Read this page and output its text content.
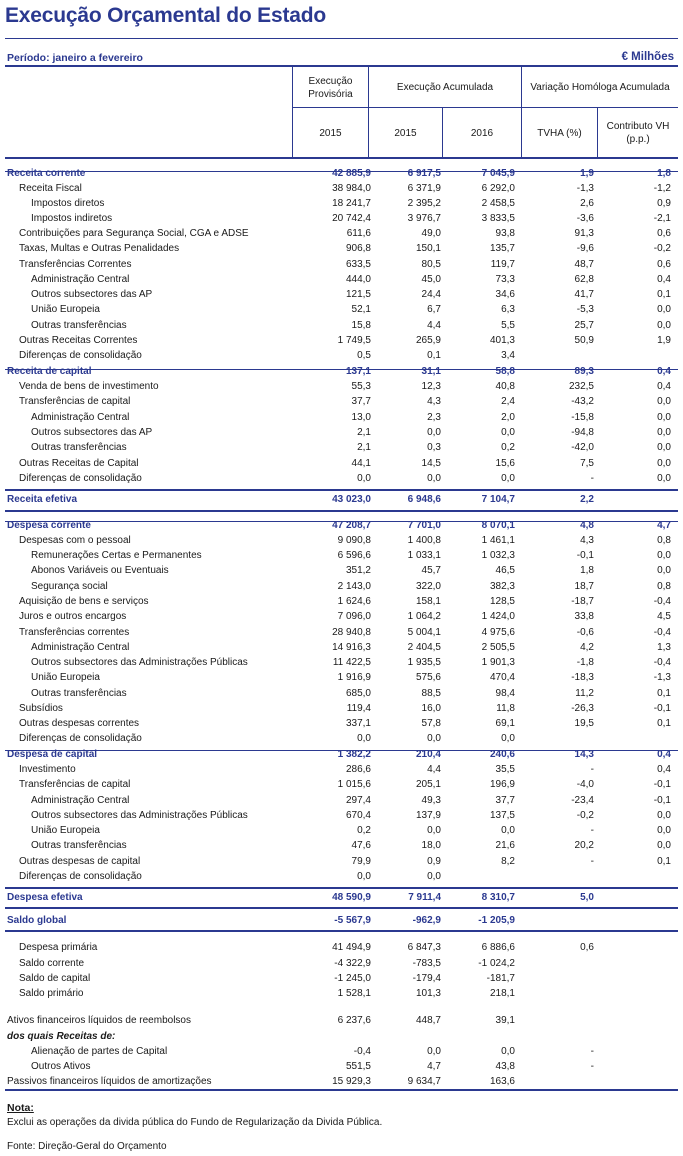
Execução Orçamental do Estado
Período: janeiro a fevereiro	€ Milhões
Execução
Provisória
Execução Acumulada	Variação Homóloga Acumulada
2015	2015	2016	TVHA (%)
Contributo VH
(p.p.)
Receita corrente	42 885,9	6 917,5	7 045,9	1,9	1,8
Receita Fiscal	38 984,0	6 371,9	6 292,0	-1,3	-1,2
Impostos diretos	18 241,7	2 395,2	2 458,5	2,6	0,9
Impostos indiretos	20 742,4	3 976,7	3 833,5	-3,6	-2,1
Contribuições para Segurança Social, CGA e ADSE	611,6	49,0	93,8	91,3	0,6
Taxas, Multas e Outras Penalidades	906,8	150,1	135,7	-9,6	-0,2
Transferências Correntes	633,5	80,5	119,7	48,7	0,6
Administração Central	444,0	45,0	73,3	62,8	0,4
Outros subsectores das AP	121,5	24,4	34,6	41,7	0,1
União Europeia	52,1	6,7	6,3	-5,3	0,0
Outras transferências	15,8	4,4	5,5	25,7	0,0
Outras Receitas Correntes	1 749,5	265,9	401,3	50,9	1,9
Diferenças de consolidação	0,5	0,1	3,4
Receita de capital	137,1	31,1	58,8	89,3	0,4
Venda de bens de investimento	55,3	12,3	40,8	232,5	0,4
Transferências de capital	37,7	4,3	2,4	-43,2	0,0
Administração Central	13,0	2,3	2,0	-15,8	0,0
Outros subsectores das AP	2,1	0,0	0,0	-94,8	0,0
Outras transferências	2,1	0,3	0,2	-42,0	0,0
Outras Receitas de Capital	44,1	14,5	15,6	7,5	0,0
Diferenças de consolidação	0,0	0,0	0,0	-	0,0
Receita efetiva	43 023,0	6 948,6	7 104,7	2,2
Despesa corrente	47 208,7	7 701,0	8 070,1	4,8	4,7
Despesas com o pessoal	9 090,8	1 400,8	1 461,1	4,3	0,8
Remunerações Certas e Permanentes	6 596,6	1 033,1	1 032,3	-0,1	0,0
Abonos Variáveis ou Eventuais	351,2	45,7	46,5	1,8	0,0
Segurança social	2 143,0	322,0	382,3	18,7	0,8
Aquisição de bens e serviços	1 624,6	158,1	128,5	-18,7	-0,4
Juros e outros encargos	7 096,0	1 064,2	1 424,0	33,8	4,5
Transferências correntes	28 940,8	5 004,1	4 975,6	-0,6	-0,4
Administração Central	14 916,3	2 404,5	2 505,5	4,2	1,3
Outros subsectores das Administrações Públicas	11 422,5	1 935,5	1 901,3	-1,8	-0,4
União Europeia	1 916,9	575,6	470,4	-18,3	-1,3
Outras transferências	685,0	88,5	98,4	11,2	0,1
Subsídios	119,4	16,0	11,8	-26,3	-0,1
Outras despesas correntes	337,1	57,8	69,1	19,5	0,1
Diferenças de consolidação	0,0	0,0	0,0
Despesa de capital	1 382,2	210,4	240,6	14,3	0,4
Investimento	286,6	4,4	35,5	-	0,4
Transferências de capital	1 015,6	205,1	196,9	-4,0	-0,1
Administração Central	297,4	49,3	37,7	-23,4	-0,1
Outros subsectores das Administrações Públicas	670,4	137,9	137,5	-0,2	0,0
União Europeia	0,2	0,0	0,0	-	0,0
Outras transferências	47,6	18,0	21,6	20,2	0,0
Outras despesas de capital	79,9	0,9	8,2	-	0,1
Diferenças de consolidação	0,0	0,0
Despesa efetiva	48 590,9	7 911,4	8 310,7	5,0
Saldo global	-5 567,9	-962,9	-1 205,9
Despesa primária	41 494,9	6 847,3	6 886,6	0,6
Saldo corrente	-4 322,9	-783,5	-1 024,2
Saldo de capital	-1 245,0	-179,4	-181,7
Saldo primário	1 528,1	101,3	218,1
Ativos financeiros líquidos de reembolsos	6 237,6	448,7	39,1
dos quais Receitas de:
Alienação de partes de Capital	-0,4	0,0	0,0	-
Outros Ativos	551,5	4,7	43,8	-
Passivos financeiros líquidos de amortizações	15 929,3	9 634,7	163,6
Nota:
Exclui as operações da divida pública do Fundo de Regularização da Divida Pública.
Fonte: Direção-Geral do Orçamento
